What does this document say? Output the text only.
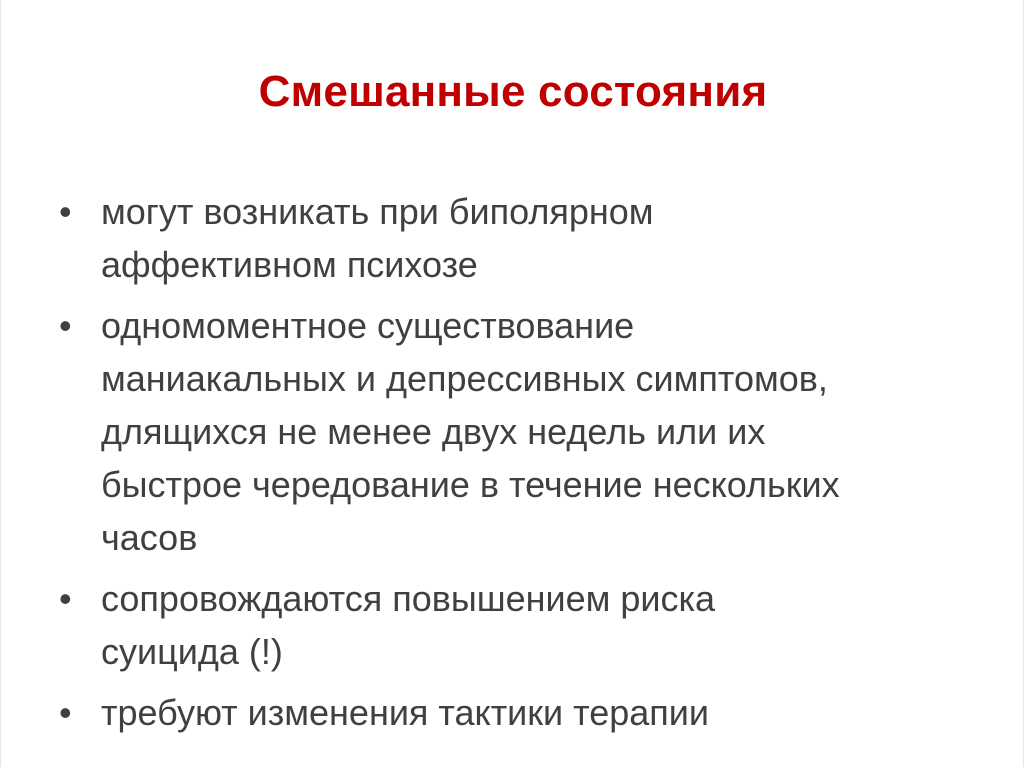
Смешанные состояния
• могут возникать при биполярном
аффективном психозе
• одномоментное существование
маниакальных и депрессивных симптомов,
длящихся не менее двух недель или их
быстрое чередование в течение нескольких
часов
• сопровождаются повышением риска
суицида (!)
• требуют изменения тактики терапии
